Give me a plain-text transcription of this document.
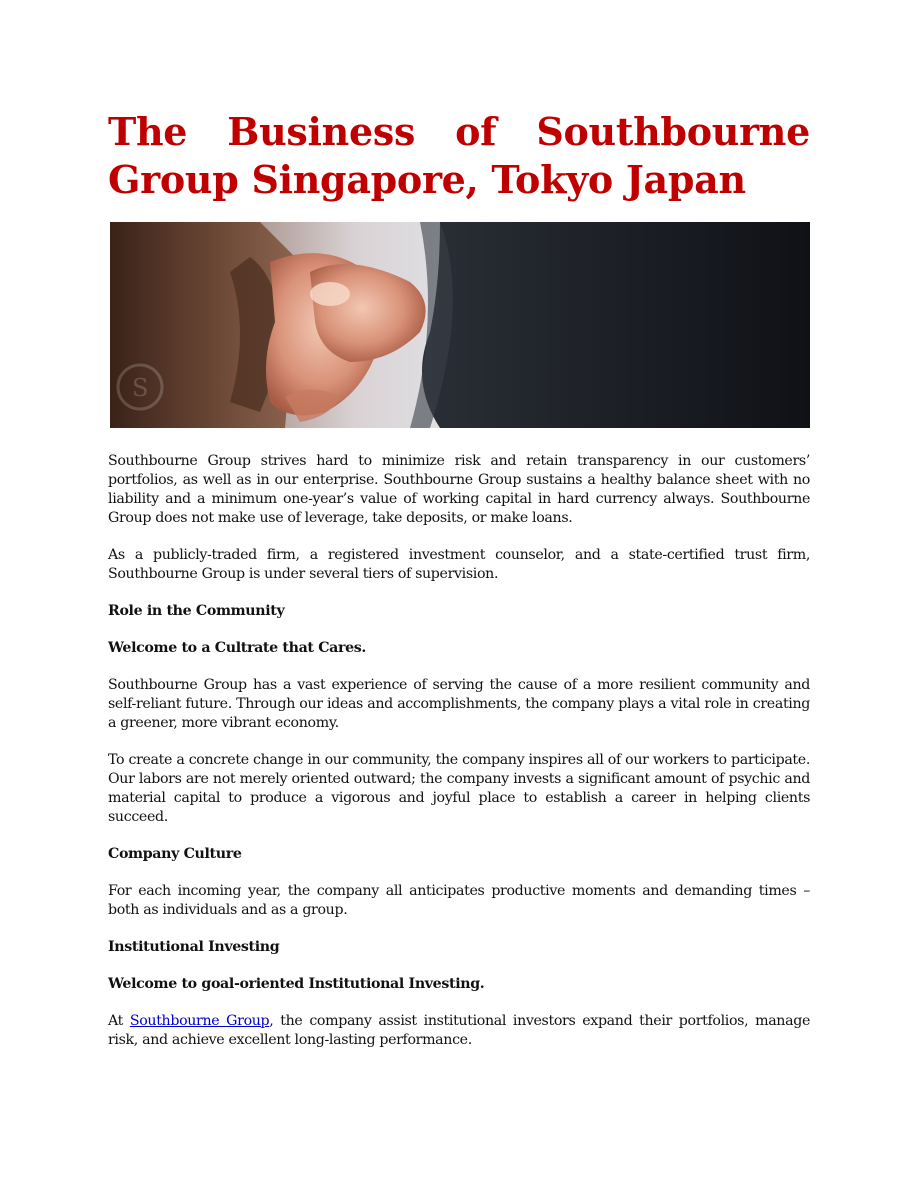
The Business of Southbourne Group Singapore, Tokyo Japan
S

Southbourne Group strives hard to minimize risk and retain transparency in our customers’ portfolios, as well as in our enterprise. Southbourne Group sustains a healthy balance sheet with no liability and a minimum one-year’s value of working capital in hard currency always. Southbourne Group does not make use of leverage, take deposits, or make loans.

As a publicly-traded firm, a registered investment counselor, and a state-certified trust firm, Southbourne Group is under several tiers of supervision.

Role in the Community
Welcome to a Cultrate that Cares.

Southbourne Group has a vast experience of serving the cause of a more resilient community and self-reliant future. Through our ideas and accomplishments, the company plays a vital role in creating a greener, more vibrant economy.

To create a concrete change in our community, the company inspires all of our workers to participate. Our labors are not merely oriented outward; the company invests a significant amount of psychic and material capital to produce a vigorous and joyful place to establish a career in helping clients succeed.

Company Culture

For each incoming year, the company all anticipates productive moments and demanding times – both as individuals and as a group.

Institutional Investing
Welcome to goal-oriented Institutional Investing.

At Southbourne Group, the company assist institutional investors expand their portfolios, manage risk, and achieve excellent long-lasting performance.
